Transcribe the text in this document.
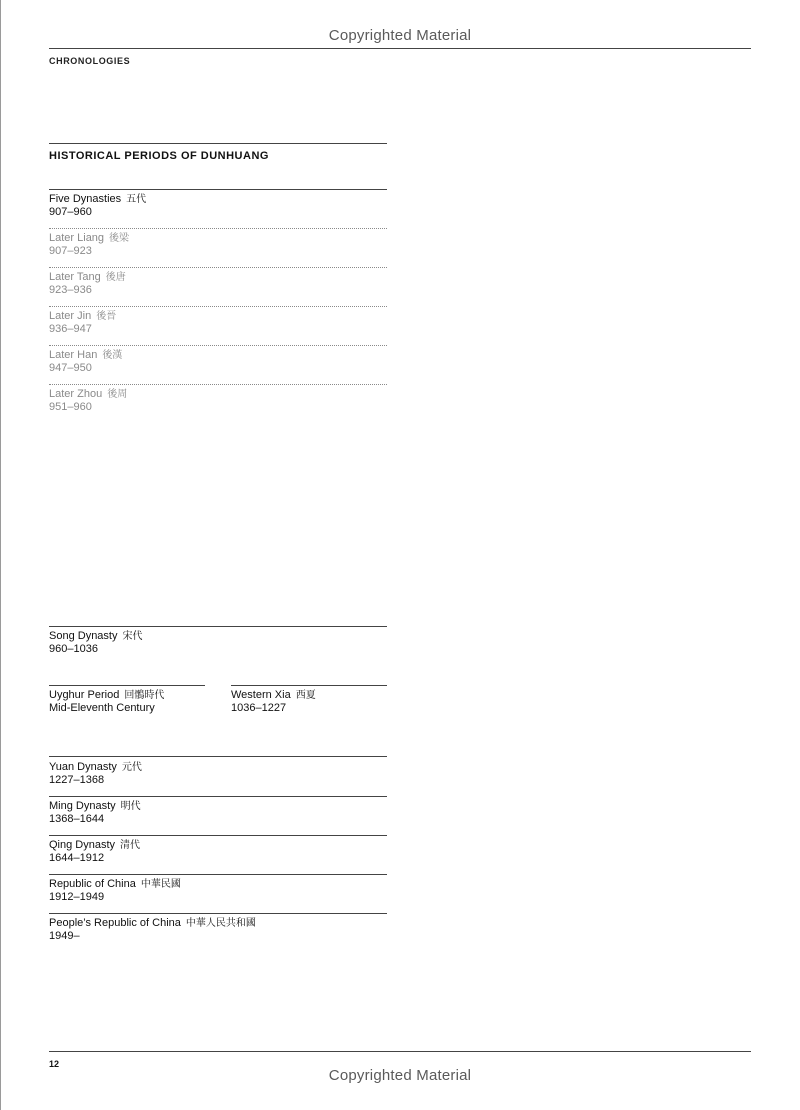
Copyrighted Material
CHRONOLOGIES
HISTORICAL PERIODS OF DUNHUANG
Five Dynasties 五代
907–960
Later Liang 後梁
907–923
Later Tang 後唐
923–936
Later Jin 後晉
936–947
Later Han 後漢
947–950
Later Zhou 後周
951–960
Song Dynasty 宋代
960–1036
Uyghur Period 回鶻時代
Mid-Eleventh Century
Western Xia 西夏
1036–1227
Yuan Dynasty 元代
1227–1368
Ming Dynasty 明代
1368–1644
Qing Dynasty 清代
1644–1912
Republic of China 中華民國
1912–1949
People’s Republic of China 中華人民共和國
1949–
12
Copyrighted Material
